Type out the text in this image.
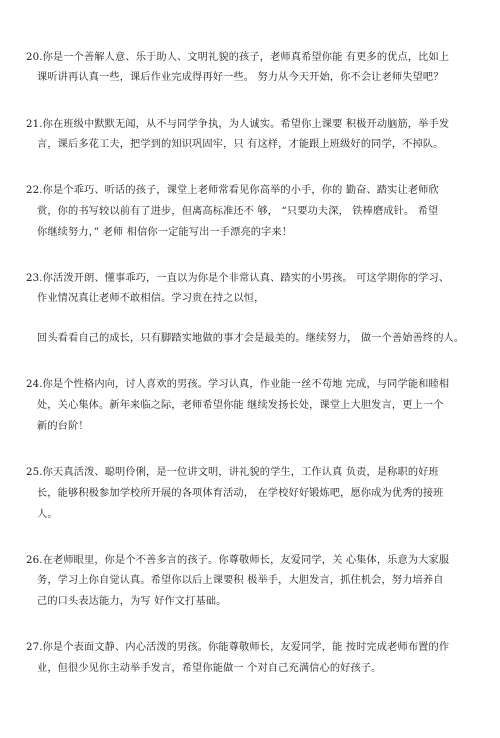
20.你是一个善解人意、乐于助人、文明礼貌的孩子，老师真希望你能 有更多的优点，比如上
课听讲再认真一些，课后作业完成得再好一些。 努力从今天开始，你不会让老师失望吧？
21.你在班级中默默无闻，从不与同学争执，为人诚实。希望你上课要 积极开动脑筋，举手发
言，课后多花工夫，把学到的知识巩固牢，只 有这样，才能跟上班级好的同学，不掉队。
22.你是个乖巧、听话的孩子，课堂上老师常看见你高举的小手，你的 勤奋、踏实让老师欣
赏，你的书写较以前有了进步，但离高标准还不 够， “只要功夫深， 铁棒磨成针。 希望
你继续努力，” 老师 相信你一定能写出一手漂亮的字来！
23.你活泼开朗、懂事乖巧，一直以为你是个非常认真、踏实的小男孩。 可这学期你的学习、
作业情况真让老师不敢相信。学习贵在持之以恒，
回头看看自己的成长，只有脚踏实地做的事才会是最美的。继续努力， 做一个善始善终的人。
24.你是个性格内向，讨人喜欢的男孩。学习认真，作业能一丝不苟地 完成，与同学能和睦相
处，关心集体。新年来临之际，老师希望你能 继续发扬长处，课堂上大胆发言，更上一个
新的台阶！
25.你天真活泼、聪明伶俐，是一位讲文明，讲礼貌的学生，工作认真 负责，是称职的好班
长，能够积极参加学校所开展的各项体育活动， 在学校好好锻炼吧，愿你成为优秀的接班
人。
26.在老师眼里，你是个不善多言的孩子。你尊敬师长，友爱同学，关 心集体，乐意为大家服
务，学习上你自觉认真。希望你以后上课要积 极举手，大胆发言，抓住机会，努力培养自
己的口头表达能力，为写 好作文打基础。
27.你是个表面文静、内心活泼的男孩。你能尊敬师长，友爱同学，能 按时完成老师布置的作
业，但很少见你主动举手发言，希望你能做一 个对自己充满信心的好孩子。
